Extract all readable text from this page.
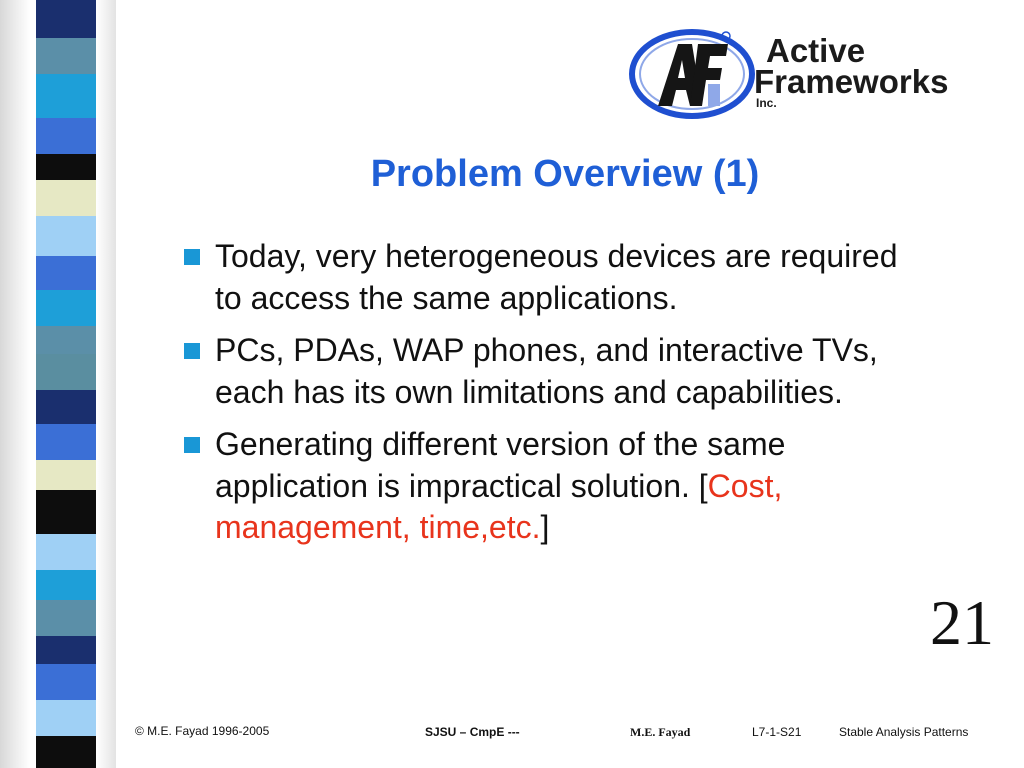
Active
Frameworks
Inc.
Problem Overview (1)
Today, very heterogeneous devices are required to access the same applications.
PCs, PDAs, WAP phones, and interactive TVs, each has its own limitations and capabilities.
Generating different version of the same application is impractical solution. [Cost, management, time,etc.]
21
© M.E. Fayad 1996-2005	SJSU – CmpE ---	M.E. Fayad	L7-1-S21	Stable Analysis Patterns
